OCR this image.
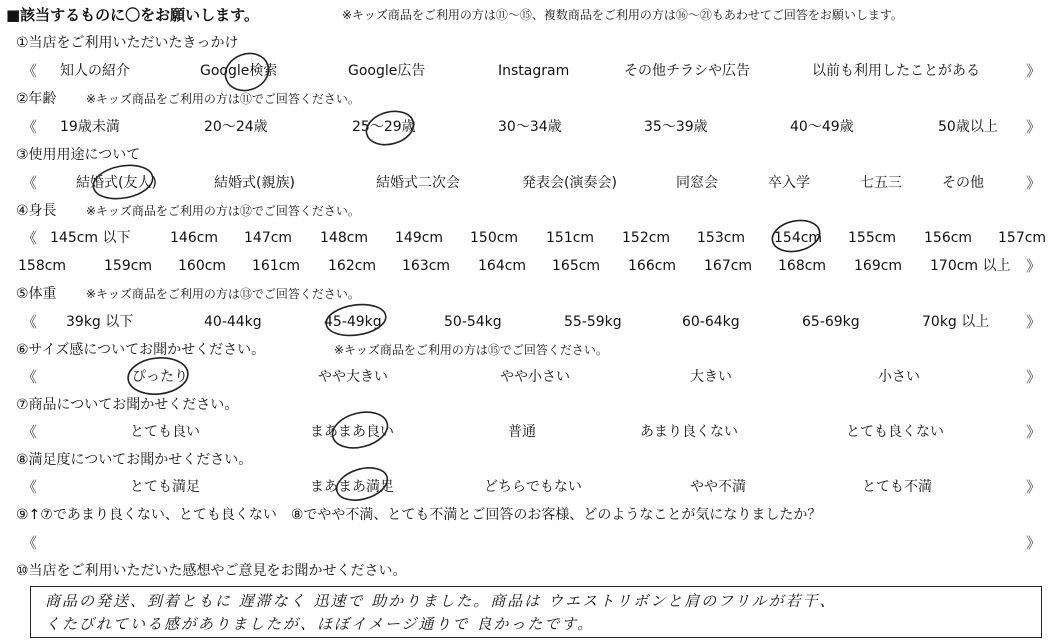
■該当するものに〇をお願いします。	※キッズ商品をご利用の方は⑪〜⑮、複数商品をご利用の方は⑯〜㉑もあわせてご回答をお願いします。
①当店をご利用いただいたきっかけ
《 知人の紹介	Google検索	Google広告	Instagram	その他チラシや広告	以前も利用したことがある	》
②年齢 ※キッズ商品をご利用の方は⑪でご回答ください。
《 19歳未満	20〜24歳	25〜29歳	30〜34歳	35〜39歳	40〜49歳	50歳以上 》
③使用用途について
《	結婚式(友人)	結婚式(親族)	結婚式二次会	発表会(演奏会)	同窓会	卒入学	七五三	その他	》
④身長 ※キッズ商品をご利用の方は⑫でご回答ください。
《 145cm 以下	146cm 147cm 148cm 149cm 150cm 151cm 152cm 153cm 154cm 155cm 156cm 157cm
158cm	159cm 160cm 161cm 162cm 163cm 164cm 165cm 166cm 167cm 168cm 169cm 170cm 以上 》
⑤体重 ※キッズ商品をご利用の方は⑬でご回答ください。
《 39kg 以下	40-44kg	45-49kg	50-54kg	55-59kg	60-64kg	65-69kg	70kg 以上 》
⑥サイズ感についてお聞かせください。	※キッズ商品をご利用の方は⑮でご回答ください。
《	ぴったり	やや大きい	やや小さい	大きい	小さい	》
⑦商品についてお聞かせください。
《	とても良い	まあまあ良い	普通	あまり良くない	とても良くない	》
⑧満足度についてお聞かせください。
《	とても満足	まあまあ満足	どちらでもない	やや不満	とても不満	》
⑨↑⑦であまり良くない、とても良くない　⑧でやや不満、とても不満とご回答のお客様、どのようなことが気になりましたか？
《	》
⑩当店をご利用いただいた感想やご意見をお聞かせください。
商品の発送、到着ともに 遅滞なく 迅速で 助かりました。商品は ウエストリボンと肩のフリルが若干、
くたびれている感がありましたが、ほぼイメージ通りで 良かったです。
